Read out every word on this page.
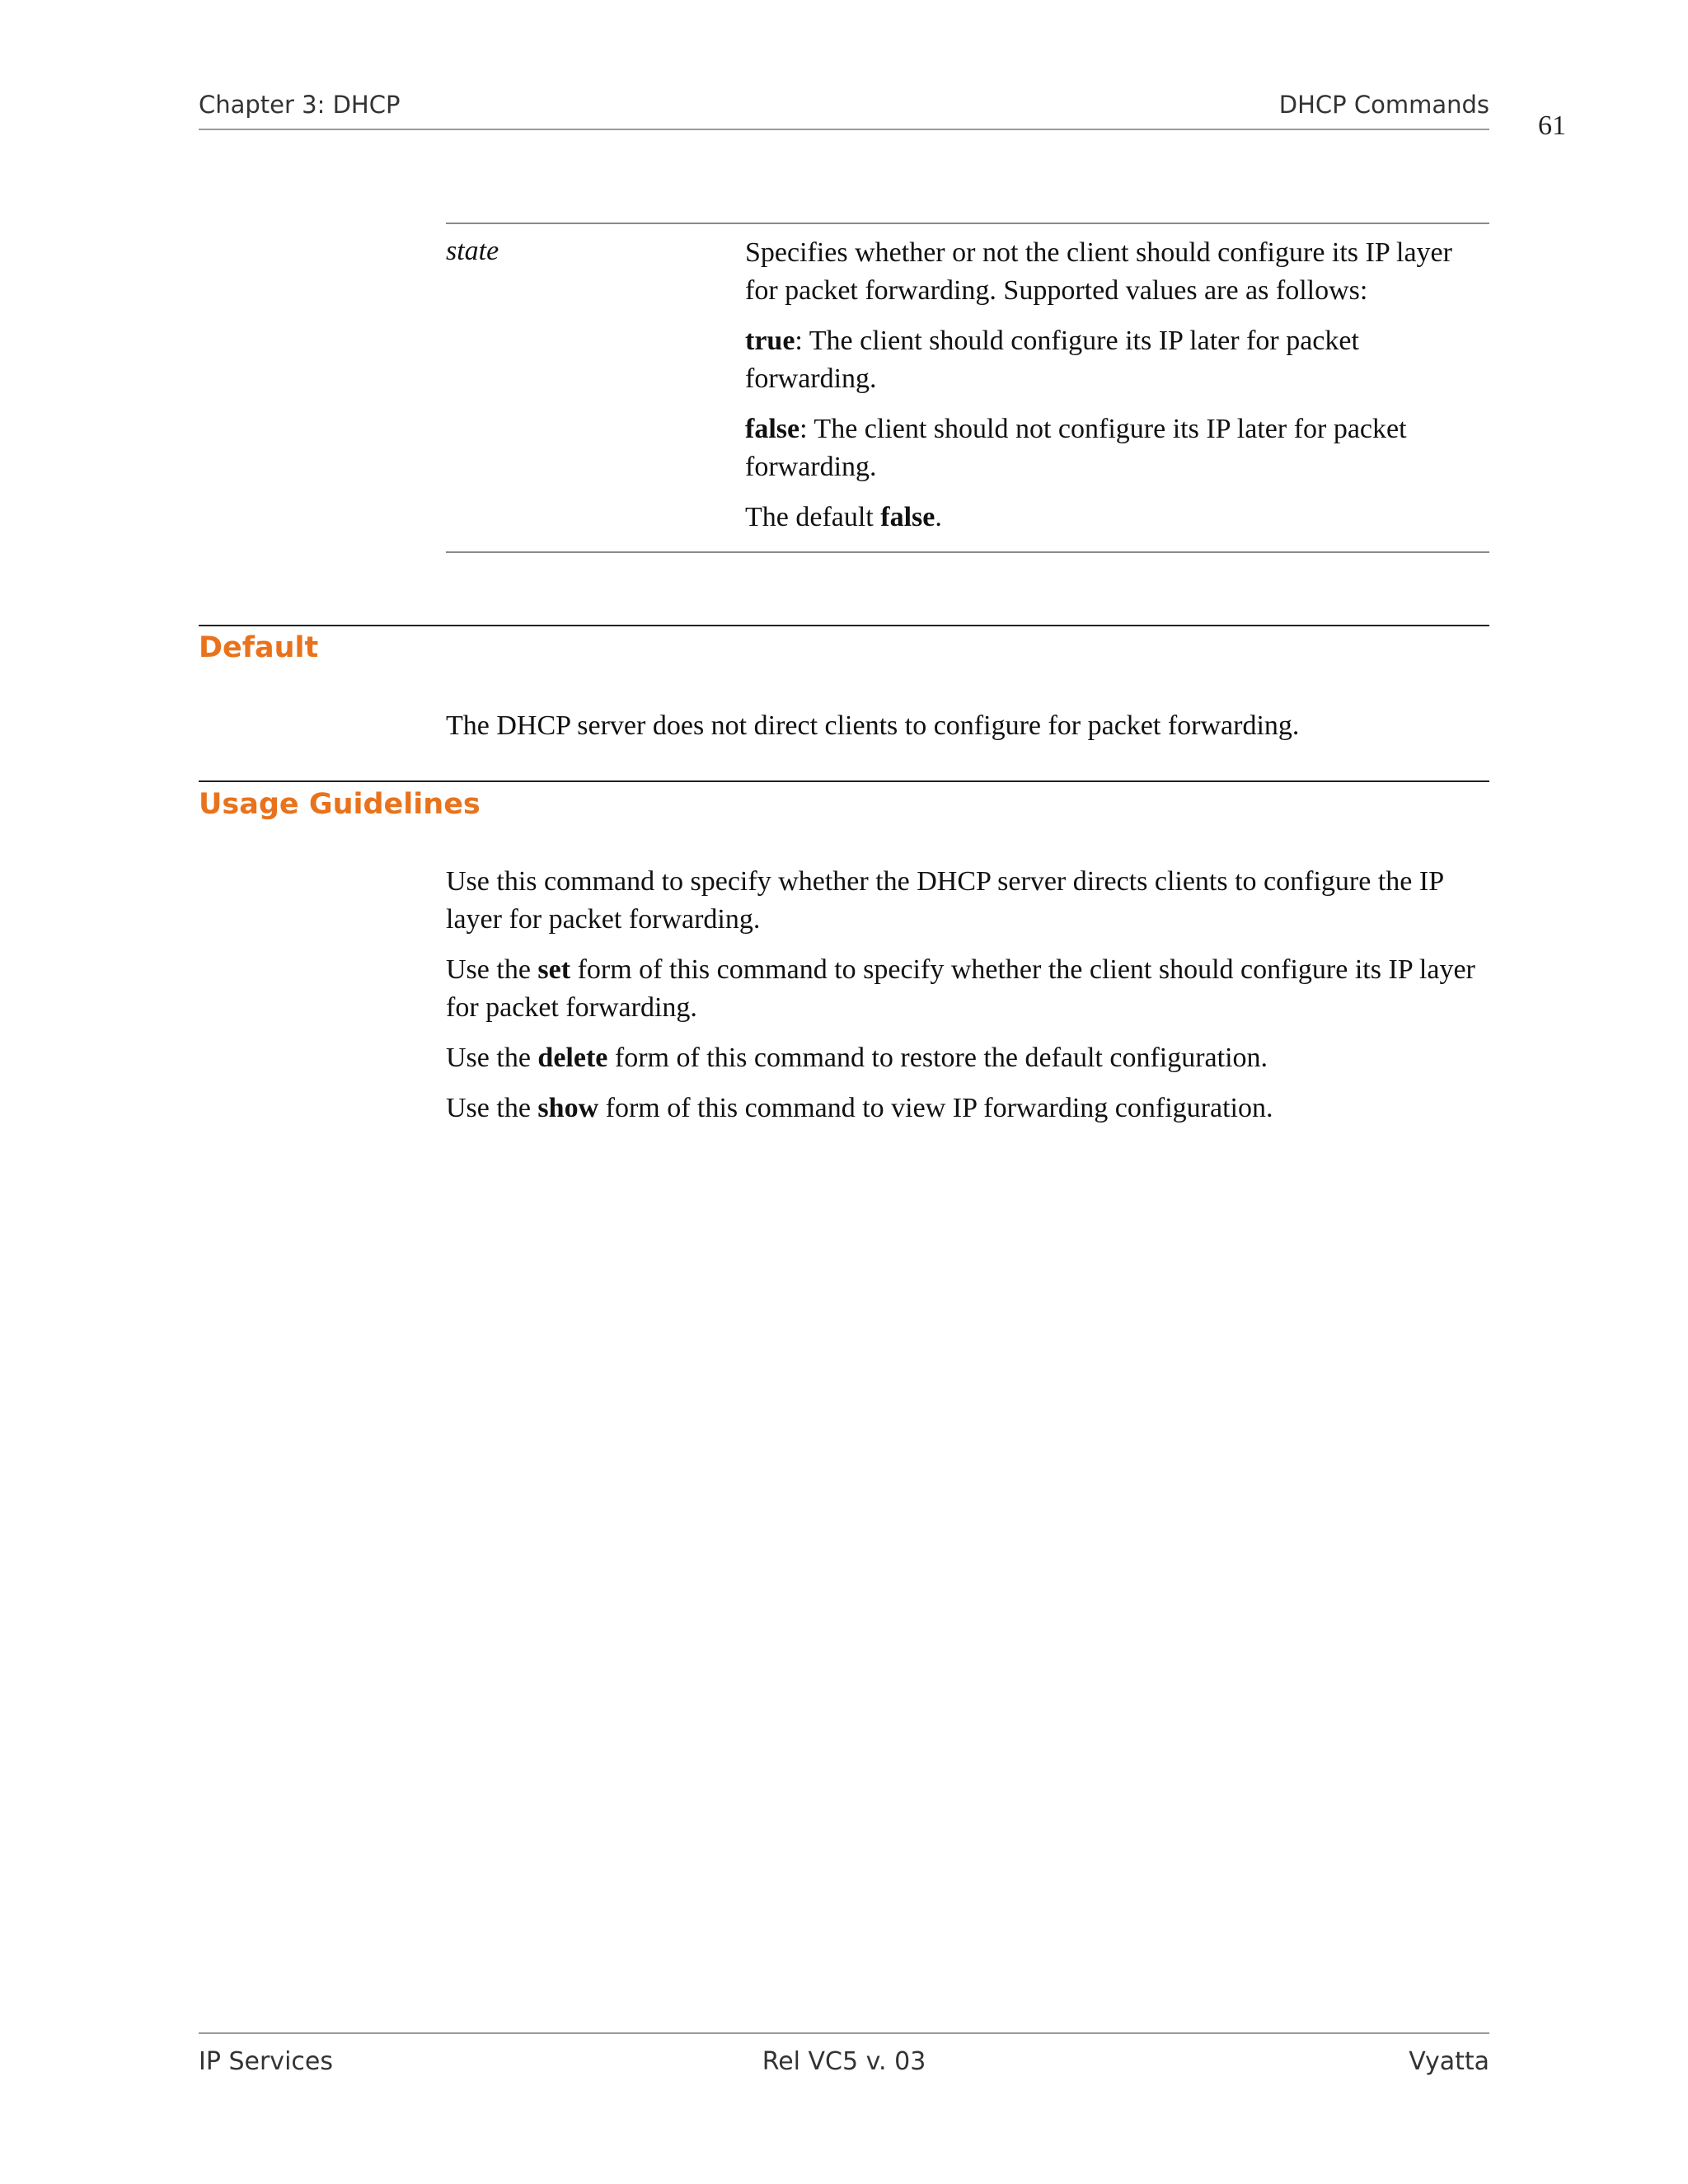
Chapter 3: DHCP	DHCP Commands
61
state	Specifies whether or not the client should configure its IP layer for packet forwarding. Supported values are as follows:

true: The client should configure its IP later for packet forwarding.

false: The client should not configure its IP later for packet forwarding.

The default false.

Default

The DHCP server does not direct clients to configure for packet forwarding.

Usage Guidelines

Use this command to specify whether the DHCP server directs clients to configure the IP layer for packet forwarding.

Use the set form of this command to specify whether the client should configure its IP layer for packet forwarding.

Use the delete form of this command to restore the default configuration.

Use the show form of this command to view IP forwarding configuration.

IP Services	Rel VC5 v. 03	Vyatta
